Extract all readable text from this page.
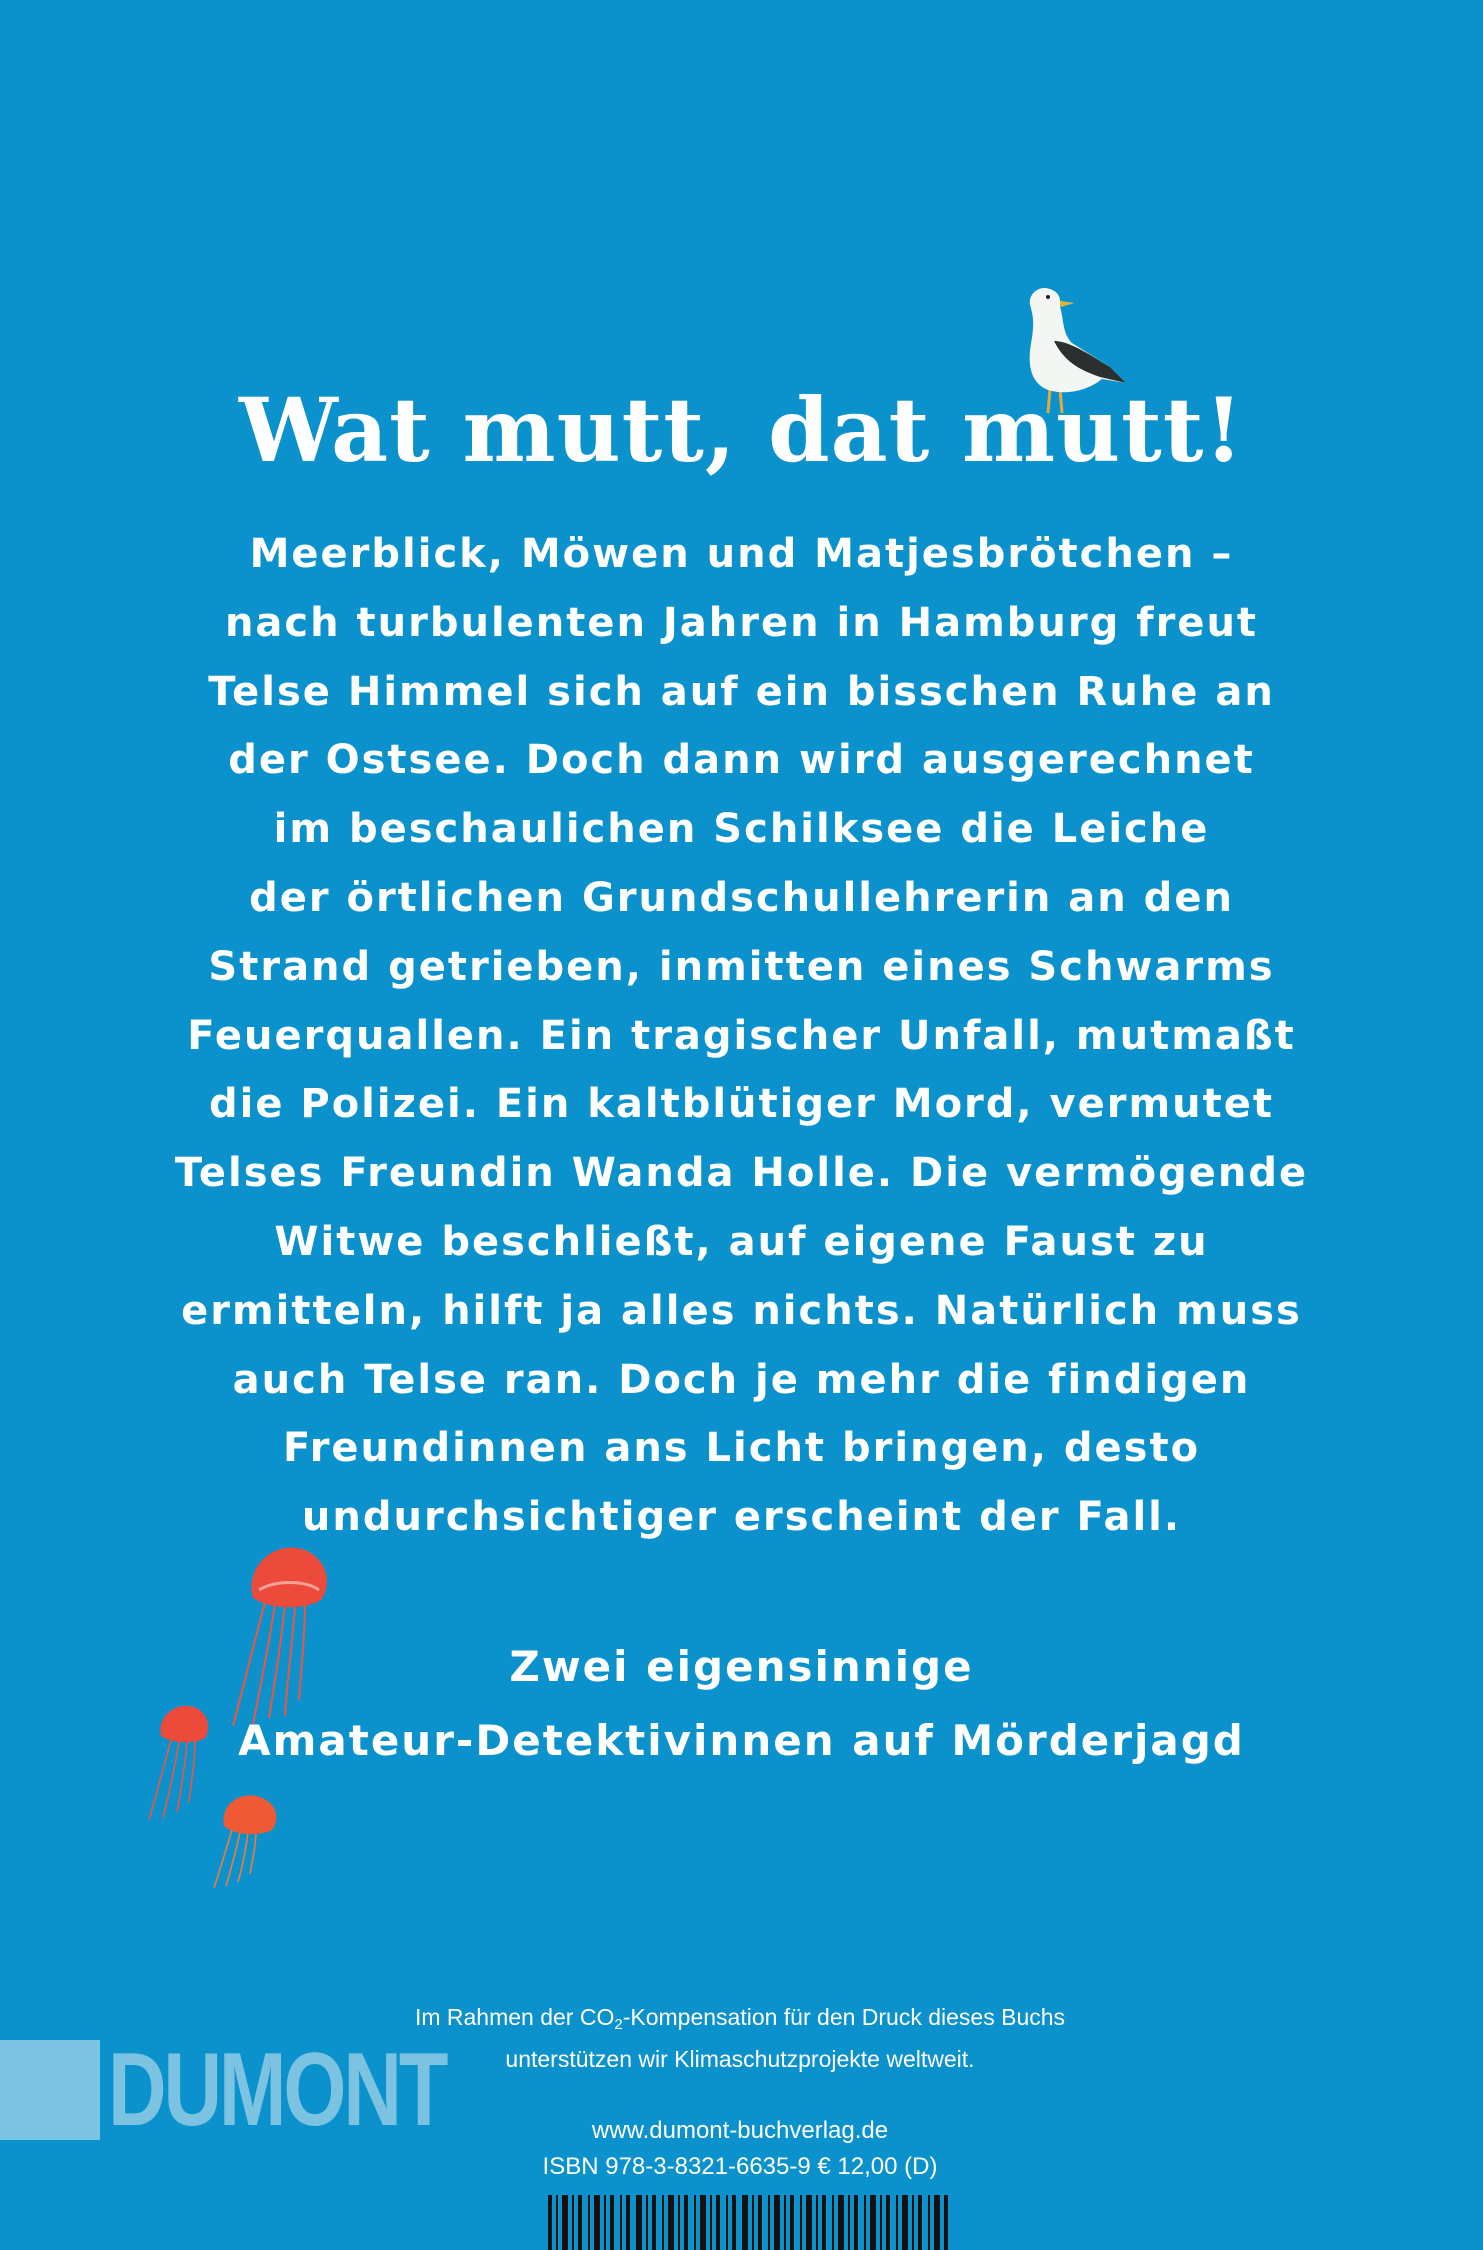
Wat mutt, dat mutt!
Meerblick, Möwen und Matjesbrötchen –
nach turbulenten Jahren in Hamburg freut
Telse Himmel sich auf ein bisschen Ruhe an
der Ostsee. Doch dann wird ausgerechnet
im beschaulichen Schilksee die Leiche
der örtlichen Grundschullehrerin an den
Strand getrieben, inmitten eines Schwarms
Feuerquallen. Ein tragischer Unfall, mutmaßt
die Polizei. Ein kaltblütiger Mord, vermutet
Telses Freundin Wanda Holle. Die vermögende
Witwe beschließt, auf eigene Faust zu
ermitteln, hilft ja alles nichts. Natürlich muss
auch Telse ran. Doch je mehr die findigen
Freundinnen ans Licht bringen, desto
undurchsichtiger erscheint der Fall.
Zwei eigensinnige
Amateur-Detektivinnen auf Mörderjagd
DUMONT
Im Rahmen der $CO_2$-Kompensation für den Druck dieses Buchs
unterstützen wir Klimaschutzprojekte weltweit.
www.dumont-buchverlag.de
ISBN 978-3-8321-6635-9 € 12,00 (D)
